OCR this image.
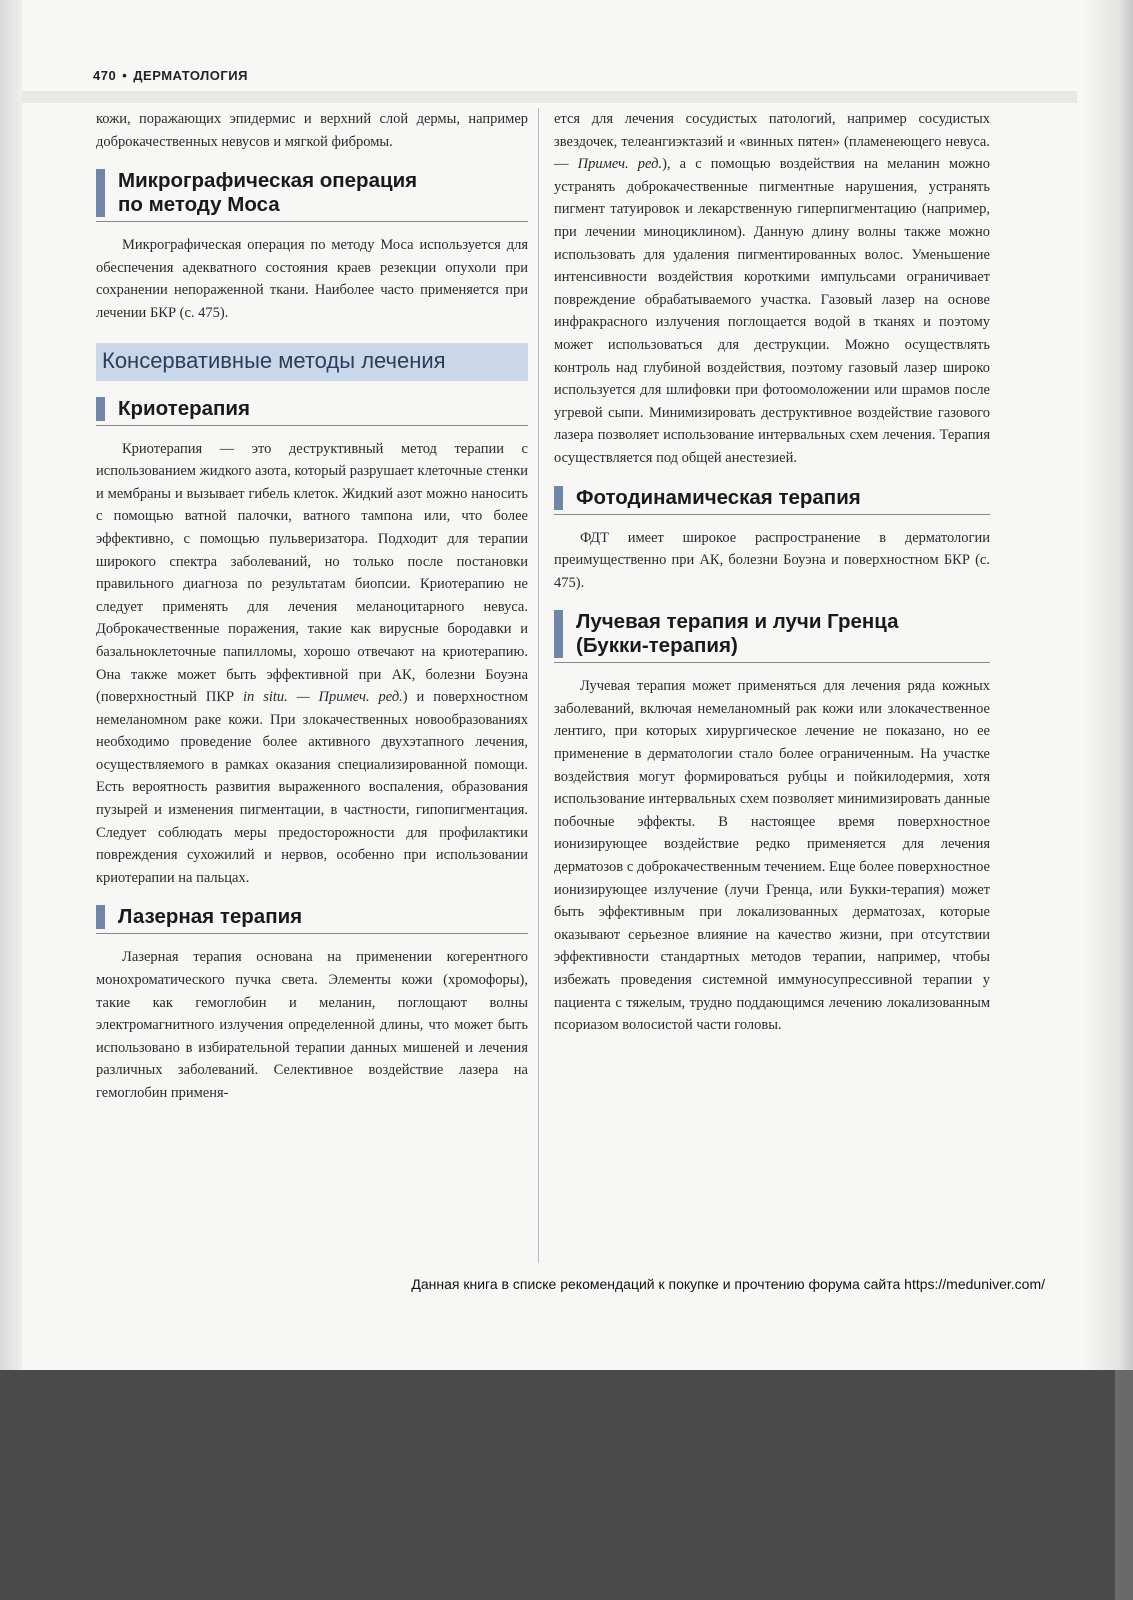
470 • ДЕРМАТОЛОГИЯ

кожи, поражающих эпидермис и верхний слой дермы, например доброкачественных невусов и мягкой фибромы.

Микрографическая операция
по методу Моса

Микрографическая операция по методу Моса используется для обеспечения адекватного состояния краев резекции опухоли при сохранении непораженной ткани. Наиболее часто применяется при лечении БКР (с. 475).

Консервативные методы лечения
Криотерапия

Криотерапия — это деструктивный метод терапии с использованием жидкого азота, который разрушает клеточные стенки и мембраны и вызывает гибель клеток. Жидкий азот можно наносить с помощью ватной палочки, ватного тампона или, что более эффективно, с помощью пульверизатора. Подходит для терапии широкого спектра заболеваний, но только после постановки правильного диагноза по результатам биопсии. Криотерапию не следует применять для лечения меланоцитарного невуса. Доброкачественные поражения, такие как вирусные бородавки и базальноклеточные папилломы, хорошо отвечают на криотерапию. Она также может быть эффективной при АК, болезни Боуэна (поверхностный ПКР in situ. — Примеч. ред.) и поверхностном немеланомном раке кожи. При злокачественных новообразованиях необходимо проведение более активного двухэтапного лечения, осуществляемого в рамках оказания специализированной помощи. Есть вероятность развития выраженного воспаления, образования пузырей и изменения пигментации, в частности, гипопигментация. Следует соблюдать меры предосторожности для профилактики повреждения сухожилий и нервов, особенно при использовании криотерапии на пальцах.

Лазерная терапия

Лазерная терапия основана на применении когерентного монохроматического пучка света. Элементы кожи (хромофоры), такие как гемоглобин и меланин, поглощают волны электромагнитного излучения определенной длины, что может быть использовано в избирательной терапии данных мишеней и лечения различных заболеваний. Селективное воздействие лазера на гемоглобин применя-

ется для лечения сосудистых патологий, например сосудистых звездочек, телеангиэктазий и «винных пятен» (пламенеющего невуса. — Примеч. ред.), а с помощью воздействия на меланин можно устранять доброкачественные пигментные нарушения, устранять пигмент татуировок и лекарственную гиперпигментацию (например, при лечении миноциклином). Данную длину волны также можно использовать для удаления пигментированных волос. Уменьшение интенсивности воздействия короткими импульсами ограничивает повреждение обрабатываемого участка. Газовый лазер на основе инфракрасного излучения поглощается водой в тканях и поэтому может использоваться для деструкции. Можно осуществлять контроль над глубиной воздействия, поэтому газовый лазер широко используется для шлифовки при фотоомоложении или шрамов после угревой сыпи. Минимизировать деструктивное воздействие газового лазера позволяет использование интервальных схем лечения. Терапия осуществляется под общей анестезией.

Фотодинамическая терапия

ФДТ имеет широкое распространение в дерматологии преимущественно при АК, болезни Боуэна и поверхностном БКР (с. 475).

Лучевая терапия и лучи Гренца
(Букки-терапия)

Лучевая терапия может применяться для лечения ряда кожных заболеваний, включая немеланомный рак кожи или злокачественное лентиго, при которых хирургическое лечение не показано, но ее применение в дерматологии стало более ограниченным. На участке воздействия могут формироваться рубцы и пойкилодермия, хотя использование интервальных схем позволяет минимизировать данные побочные эффекты. В настоящее время поверхностное ионизирующее воздействие редко применяется для лечения дерматозов с доброкачественным течением. Еще более поверхностное ионизирующее излучение (лучи Гренца, или Букки-терапия) может быть эффективным при локализованных дерматозах, которые оказывают серьезное влияние на качество жизни, при отсутствии эффективности стандартных методов терапии, например, чтобы избежать проведения системной иммуносупрессивной терапии у пациента с тяжелым, трудно поддающимся лечению локализованным псориазом волосистой части головы.

Данная книга в списке рекомендаций к покупке и прочтению форума сайта https://meduniver.com/
